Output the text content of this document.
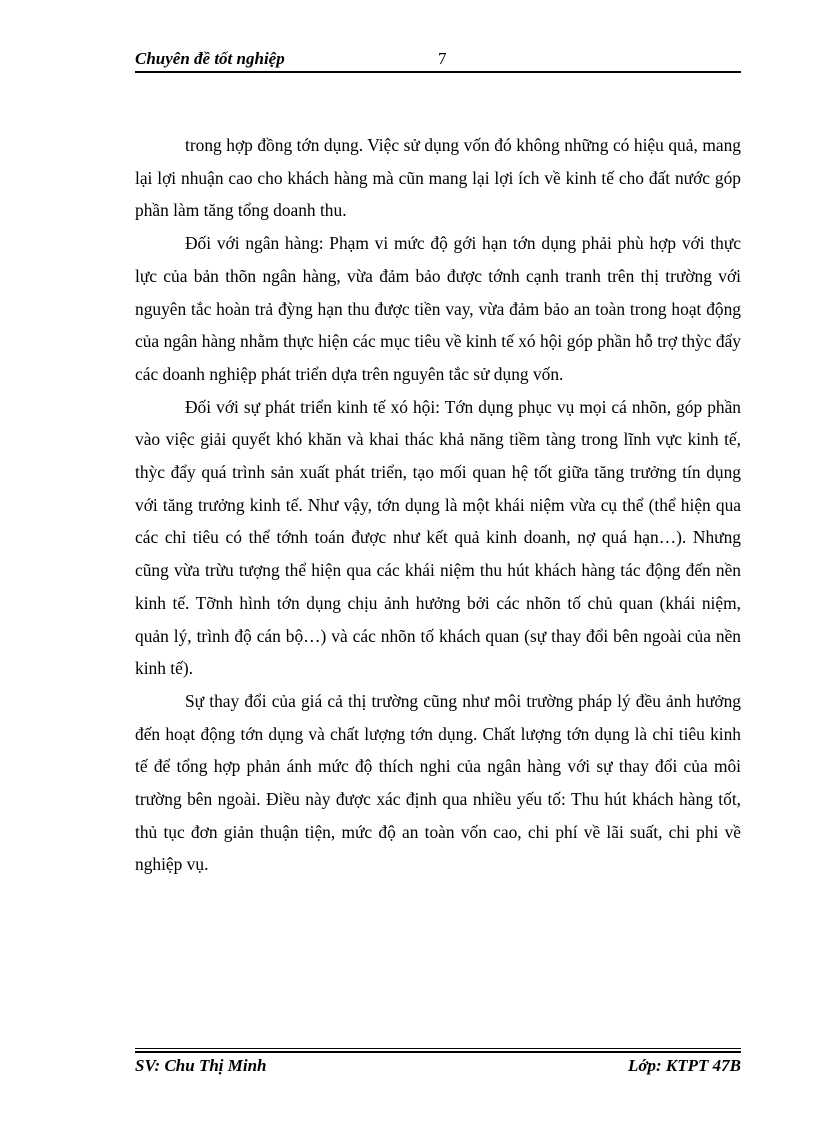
Chuyên đề tốt nghiệp	7

trong hợp đồng tớn dụng. Việc sử dụng vốn đó không những có hiệu quả, mang lại lợi nhuận cao cho khách hàng mà cũn mang lại lợi ích về kinh tế cho đất nước góp phần làm tăng tổng doanh thu.

Đối với ngân hàng: Phạm vi mức độ gới hạn tớn dụng phải phù hợp với thực lực của bản thõn ngân hàng, vừa đảm bảo được tớnh cạnh tranh trên thị trường với nguyên tắc hoàn trả đỳng hạn thu được tiền vay, vừa đảm bảo an toàn trong hoạt động của ngân hàng nhằm thực hiện các mục tiêu về kinh tế xó hội góp phần hỗ trợ thỳc đẩy các doanh nghiệp phát triển dựa trên nguyên tắc sử dụng vốn.

Đối với sự phát triển kinh tế xó hội: Tớn dụng phục vụ mọi cá nhõn, góp phần vào việc giải quyết khó khăn và khai thác khả năng tiềm tàng trong lĩnh vực kinh tế, thỳc đẩy quá trình sản xuất phát triển, tạo mối quan hệ tốt giữa tăng trưởng tín dụng với tăng trưởng kinh tế. Như vậy, tớn dụng là một khái niệm vừa cụ thể (thể hiện qua các chỉ tiêu có thể tớnh toán được như kết quả kinh doanh, nợ quá hạn…). Nhưng cũng vừa trừu tượng thể hiện qua các khái niệm thu hút khách hàng tác động đến nền kinh tế. Tỡnh hình tớn dụng chịu ảnh hưởng bởi các nhõn tố chủ quan (khái niệm, quản lý, trình độ cán bộ…) và các nhõn tố khách quan (sự thay đổi bên ngoài của nền kinh tế).

Sự thay đổi của giá cả thị trường cũng như môi trường pháp lý đều ảnh hưởng đến hoạt động tớn dụng và chất lượng tớn dụng. Chất lượng tớn dụng là chỉ tiêu kinh tế để tổng hợp phản ánh mức độ thích nghi của ngân hàng với sự thay đổi của môi trường bên ngoài. Điều này được xác định qua nhiều yếu tố: Thu hút khách hàng tốt, thủ tục đơn giản thuận tiện, mức độ an toàn vốn cao, chi phí về lãi suất, chi phi về nghiệp vụ.

SV: Chu Thị Minh	Lớp: KTPT 47B
